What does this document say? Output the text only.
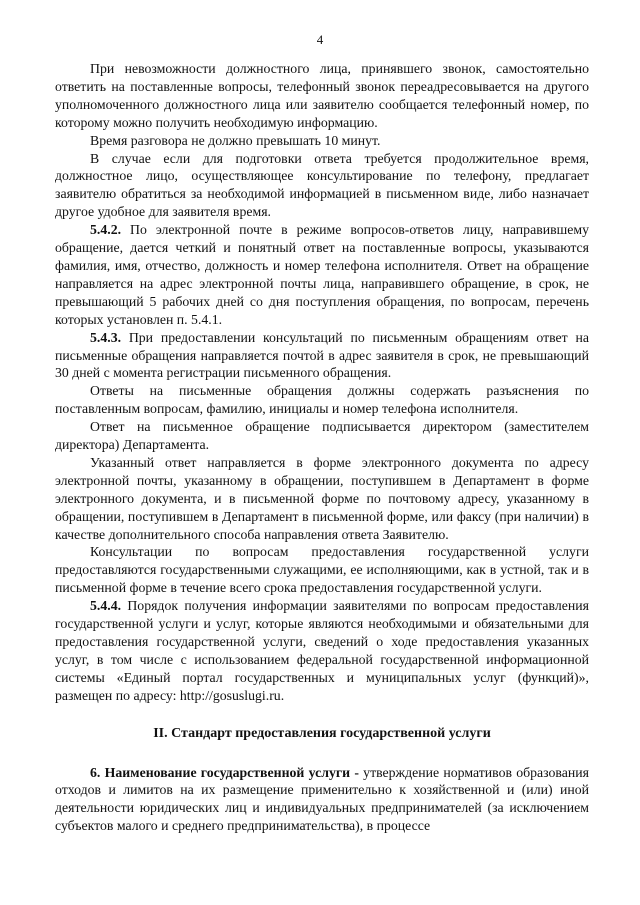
4

При невозможности должностного лица, принявшего звонок, самостоятельно ответить на поставленные вопросы, телефонный звонок переадресовывается на другого уполномоченного должностного лица или заявителю сообщается телефонный номер, по которому можно получить необходимую информацию.

Время разговора не должно превышать 10 минут.

В случае если для подготовки ответа требуется продолжительное время, должностное лицо, осуществляющее консультирование по телефону, предлагает заявителю обратиться за необходимой информацией в письменном виде, либо назначает другое удобное для заявителя время.

5.4.2. По электронной почте в режиме вопросов-ответов лицу, направившему обращение, дается четкий и понятный ответ на поставленные вопросы, указываются фамилия, имя, отчество, должность и номер телефона исполнителя. Ответ на обращение направляется на адрес электронной почты лица, направившего обращение, в срок, не превышающий 5 рабочих дней со дня поступления обращения, по вопросам, перечень которых установлен п. 5.4.1.

5.4.3. При предоставлении консультаций по письменным обращениям ответ на письменные обращения направляется почтой в адрес заявителя в срок, не превышающий 30 дней с момента регистрации письменного обращения.

Ответы на письменные обращения должны содержать разъяснения по поставленным вопросам, фамилию, инициалы и номер телефона исполнителя.

Ответ на письменное обращение подписывается директором (заместителем директора) Департамента.

Указанный ответ направляется в форме электронного документа по адресу электронной почты, указанному в обращении, поступившем в Департамент в форме электронного документа, и в письменной форме по почтовому адресу, указанному в обращении, поступившем в Департамент в письменной форме, или факсу (при наличии) в качестве дополнительного способа направления ответа Заявителю.

Консультации по вопросам предоставления государственной услуги предоставляются государственными служащими, ее исполняющими, как в устной, так и в письменной форме в течение всего срока предоставления государственной услуги.

5.4.4. Порядок получения информации заявителями по вопросам предоставления государственной услуги и услуг, которые являются необходимыми и обязательными для предоставления государственной услуги, сведений о ходе предоставления указанных услуг, в том числе с использованием федеральной государственной информационной системы «Единый портал государственных и муниципальных услуг (функций)», размещен по адресу: http://gosuslugi.ru.

II. Стандарт предоставления государственной услуги

6. Наименование государственной услуги - утверждение нормативов образования отходов и лимитов на их размещение применительно к хозяйственной и (или) иной деятельности юридических лиц и индивидуальных предпринимателей (за исключением субъектов малого и среднего предпринимательства), в процессе
